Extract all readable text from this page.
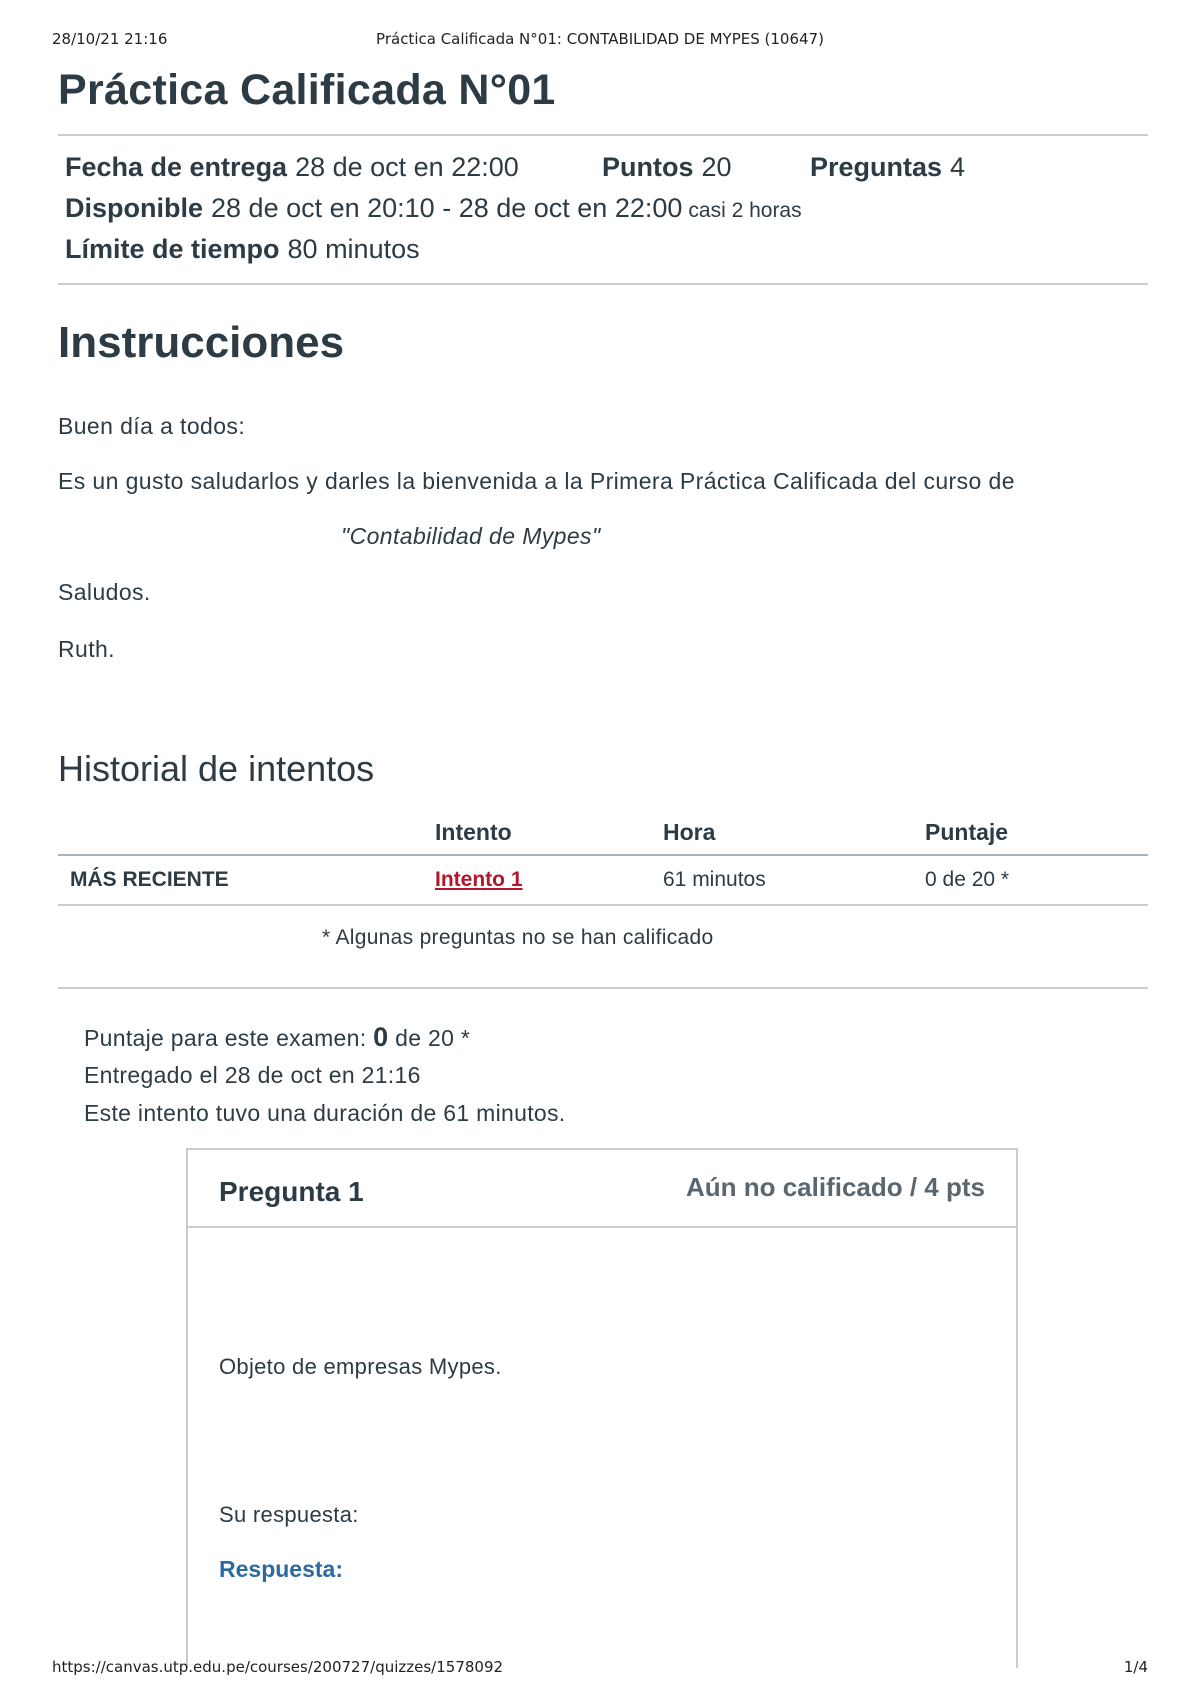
28/10/21 21:16	Práctica Calificada N°01: CONTABILIDAD DE MYPES (10647)
Práctica Calificada N°01
Fecha de entrega 28 de oct en 22:00	Puntos 20	Preguntas 4
Disponible 28 de oct en 20:10 - 28 de oct en 22:00 casi 2 horas
Límite de tiempo 80 minutos
Instrucciones

Buen día a todos:

Es un gusto saludarlos y darles la bienvenida a la Primera Práctica Calificada del curso de

"Contabilidad de Mypes"

Saludos.

Ruth.

Historial de intentos
	Intento	Hora	Puntaje
MÁS RECIENTE	Intento 1	61 minutos	0 de 20 *
* Algunas preguntas no se han calificado
Puntaje para este examen: 0 de 20 *
Entregado el 28 de oct en 21:16
Este intento tuvo una duración de 61 minutos.
Pregunta 1	Aún no calificado / 4 pts
Objeto de empresas Mypes.
Su respuesta:
Respuesta:
https://canvas.utp.edu.pe/courses/200727/quizzes/1578092	1/4
